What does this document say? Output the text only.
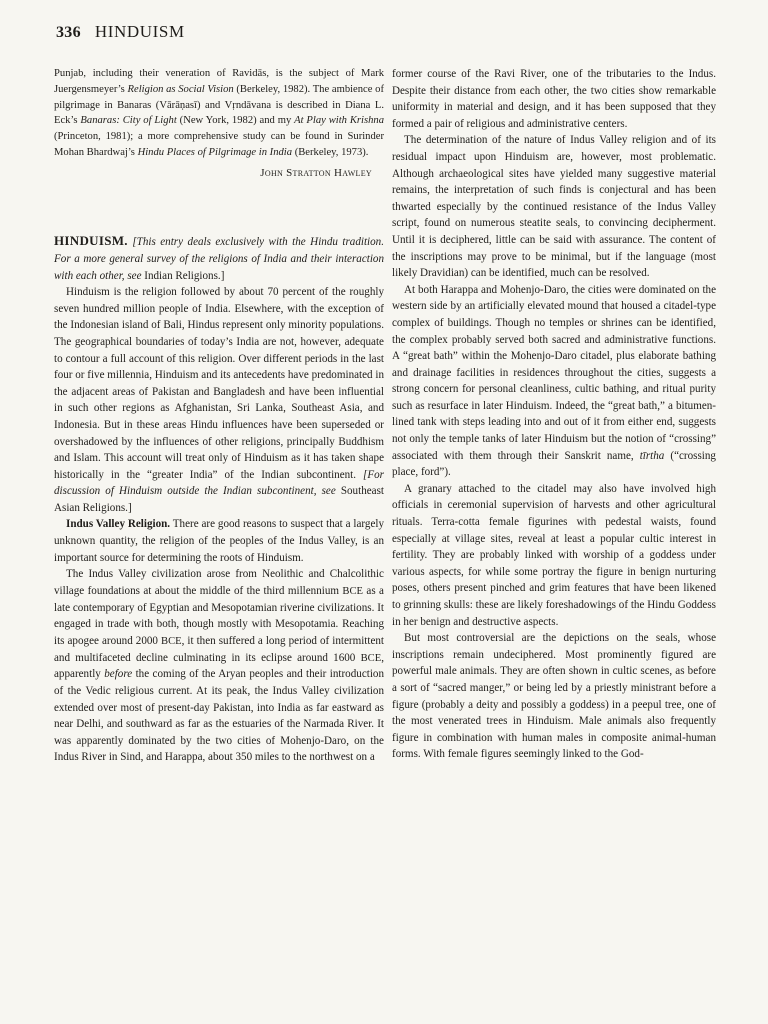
336 HINDUISM

Punjab, including their veneration of Ravidās, is the subject of Mark Juergensmeyer’s Religion as Social Vision (Berkeley, 1982). The ambience of pilgrimage in Banaras (Vārāṇasī) and Vṛndāvana is described in Diana L. Eck’s Banaras: City of Light (New York, 1982) and my At Play with Krishna (Princeton, 1981); a more comprehensive study can be found in Surinder Mohan Bhardwaj’s Hindu Places of Pilgrimage in India (Berkeley, 1973).

John Stratton Hawley

HINDUISM. [This entry deals exclusively with the Hindu tradition. For a more general survey of the religions of India and their interaction with each other, see Indian Religions.]

Hinduism is the religion followed by about 70 percent of the roughly seven hundred million people of India. Elsewhere, with the exception of the Indonesian island of Bali, Hindus represent only minority populations. The geographical boundaries of today’s India are not, however, adequate to contour a full account of this religion. Over different periods in the last four or five millennia, Hinduism and its antecedents have predominated in the adjacent areas of Pakistan and Bangladesh and have been influential in such other regions as Afghanistan, Sri Lanka, Southeast Asia, and Indonesia. But in these areas Hindu influences have been superseded or overshadowed by the influences of other religions, principally Buddhism and Islam. This account will treat only of Hinduism as it has taken shape historically in the “greater India” of the Indian subcontinent. [For discussion of Hinduism outside the Indian subcontinent, see Southeast Asian Religions.]

Indus Valley Religion. There are good reasons to suspect that a largely unknown quantity, the religion of the peoples of the Indus Valley, is an important source for determining the roots of Hinduism.

The Indus Valley civilization arose from Neolithic and Chalcolithic village foundations at about the middle of the third millennium BCE as a late contemporary of Egyptian and Mesopotamian riverine civilizations. It engaged in trade with both, though mostly with Mesopotamia. Reaching its apogee around 2000 BCE, it then suffered a long period of intermittent and multifaceted decline culminating in its eclipse around 1600 BCE, apparently before the coming of the Aryan peoples and their introduction of the Vedic religious current. At its peak, the Indus Valley civilization extended over most of present-day Pakistan, into India as far eastward as near Delhi, and southward as far as the estuaries of the Narmada River. It was apparently dominated by the two cities of Mohenjo-Daro, on the Indus River in Sind, and Harappa, about 350 miles to the northwest on a

former course of the Ravi River, one of the tributaries to the Indus. Despite their distance from each other, the two cities show remarkable uniformity in material and design, and it has been supposed that they formed a pair of religious and administrative centers.

The determination of the nature of Indus Valley religion and of its residual impact upon Hinduism are, however, most problematic. Although archaeological sites have yielded many suggestive material remains, the interpretation of such finds is conjectural and has been thwarted especially by the continued resistance of the Indus Valley script, found on numerous steatite seals, to convincing decipherment. Until it is deciphered, little can be said with assurance. The content of the inscriptions may prove to be minimal, but if the language (most likely Dravidian) can be identified, much can be resolved.

At both Harappa and Mohenjo-Daro, the cities were dominated on the western side by an artificially elevated mound that housed a citadel-type complex of buildings. Though no temples or shrines can be identified, the complex probably served both sacred and administrative functions. A “great bath” within the Mohenjo-Daro citadel, plus elaborate bathing and drainage facilities in residences throughout the cities, suggests a strong concern for personal cleanliness, cultic bathing, and ritual purity such as resurface in later Hinduism. Indeed, the “great bath,” a bitumen-lined tank with steps leading into and out of it from either end, suggests not only the temple tanks of later Hinduism but the notion of “crossing” associated with them through their Sanskrit name, tīrtha (“crossing place, ford”).

A granary attached to the citadel may also have involved high officials in ceremonial supervision of harvests and other agricultural rituals. Terra-cotta female figurines with pedestal waists, found especially at village sites, reveal at least a popular cultic interest in fertility. They are probably linked with worship of a goddess under various aspects, for while some portray the figure in benign nurturing poses, others present pinched and grim features that have been likened to grinning skulls: these are likely foreshadowings of the Hindu Goddess in her benign and destructive aspects.

But most controversial are the depictions on the seals, whose inscriptions remain undeciphered. Most prominently figured are powerful male animals. They are often shown in cultic scenes, as before a sort of “sacred manger,” or being led by a priestly ministrant before a figure (probably a deity and possibly a goddess) in a peepul tree, one of the most venerated trees in Hinduism. Male animals also frequently figure in combination with human males in composite animal-human forms. With female figures seemingly linked to the God-
